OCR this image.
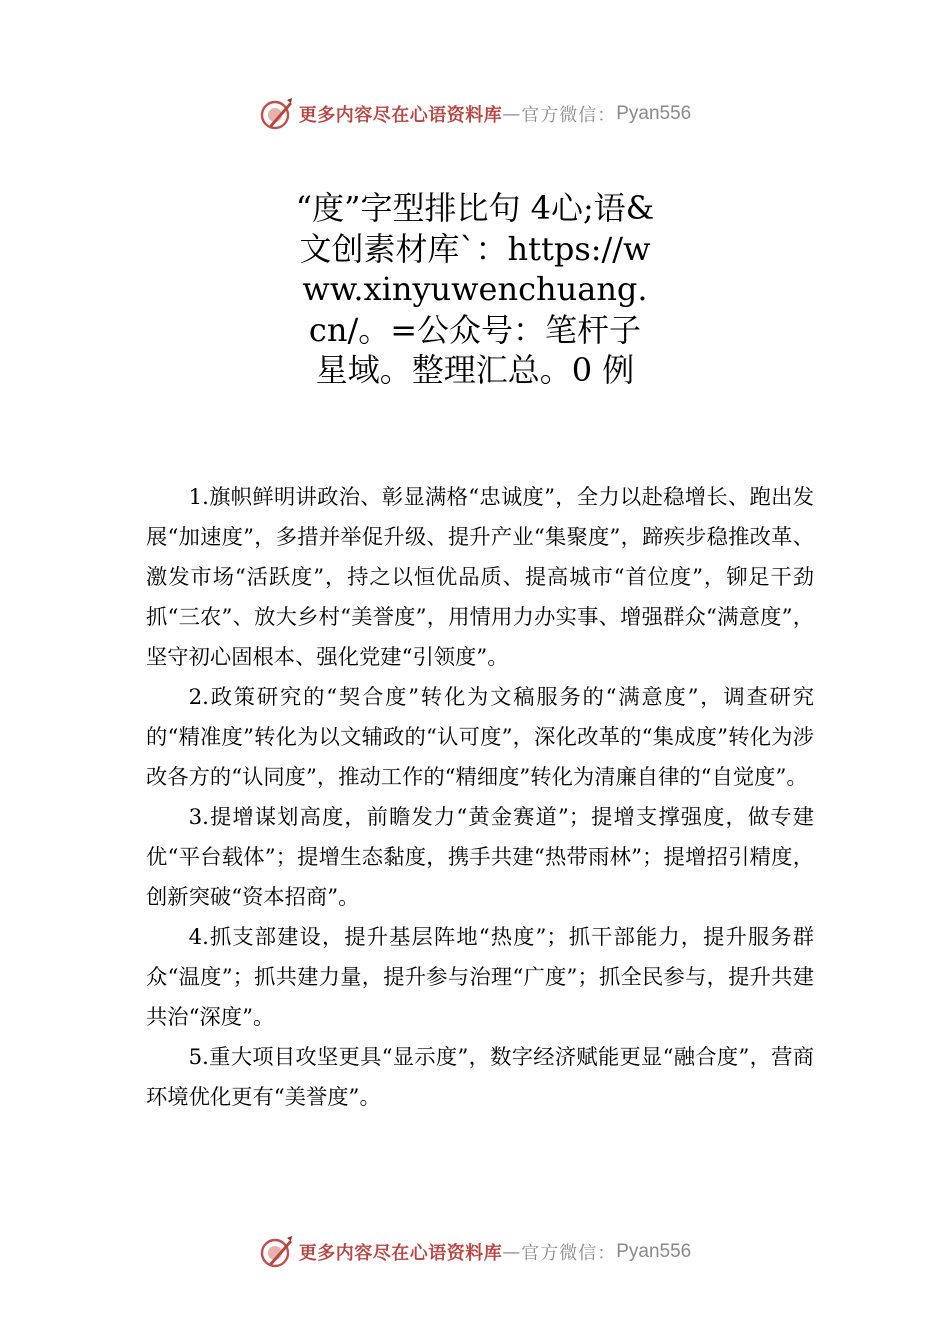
更多内容尽在心语资料库 — 官方微信： Pyan556
“度”字型排比句 4心;语&文创素材库`：https://www.xinyuwenchuang.cn/。=公众号：笔杆子星域。整理汇总。0 例

1.旗帜鲜明讲政治、彰显满格“忠诚度”，全力以赴稳增长、跑出发展“加速度”，多措并举促升级、提升产业“集聚度”，蹄疾步稳推改革、激发市场“活跃度”，持之以恒优品质、提高城市“首位度”，铆足干劲抓“三农”、放大乡村“美誉度”，用情用力办实事、增强群众“满意度”，坚守初心固根本、强化党建“引领度”。

2.政策研究的“契合度”转化为文稿服务的“满意度”，调查研究的“精准度”转化为以文辅政的“认可度”，深化改革的“集成度”转化为涉改各方的“认同度”，推动工作的“精细度”转化为清廉自律的“自觉度”。

3.提增谋划高度，前瞻发力“黄金赛道”；提增支撑强度，做专建优“平台载体”；提增生态黏度，携手共建“热带雨林”；提增招引精度，创新突破“资本招商”。

4.抓支部建设，提升基层阵地“热度”；抓干部能力，提升服务群众“温度”；抓共建力量，提升参与治理“广度”；抓全民参与，提升共建共治“深度”。

5.重大项目攻坚更具“显示度”，数字经济赋能更显“融合度”，营商环境优化更有“美誉度”。

更多内容尽在心语资料库 — 官方微信： Pyan556
